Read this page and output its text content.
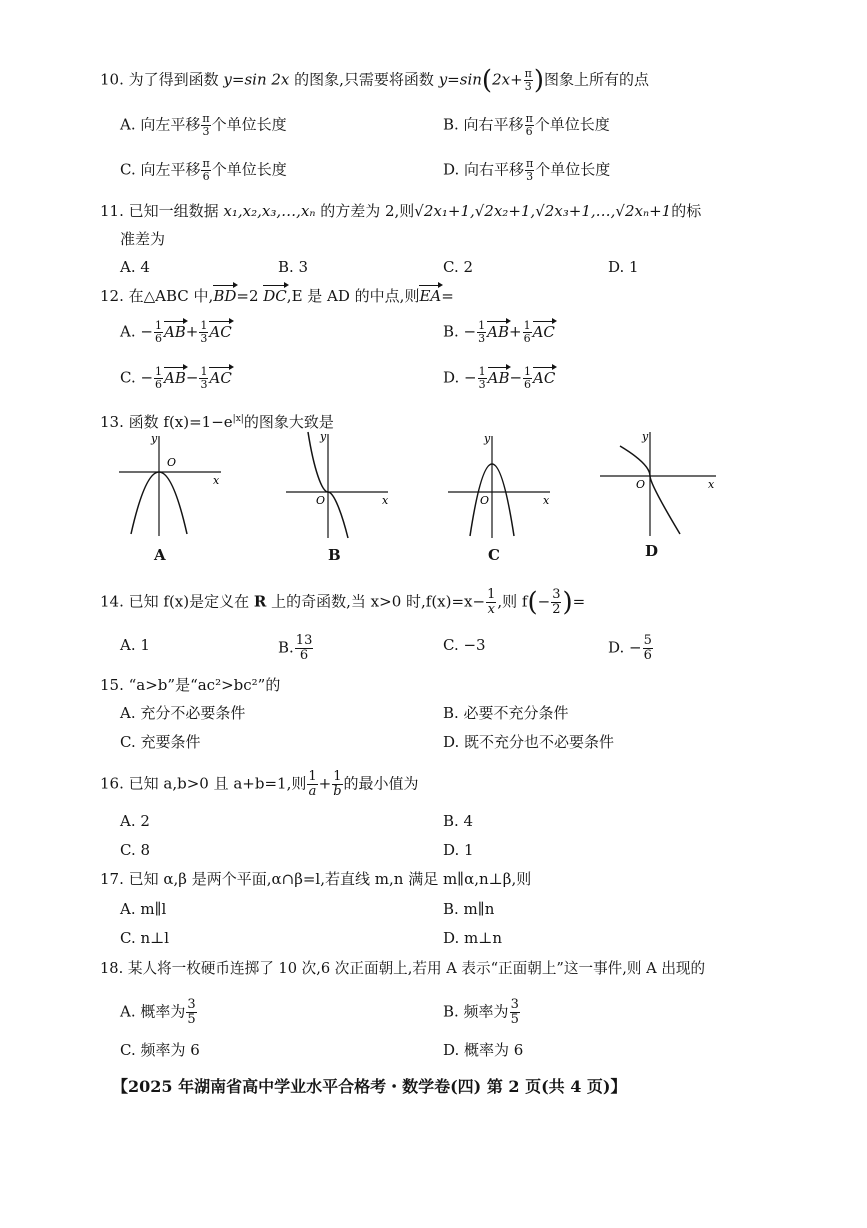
10. 为了得到函数 y=sin 2x 的图象,只需要将函数 $y=\sin(2x+ \frac{\pi}{3}$ )图象上所有的点
A. 向左平移 $\frac{\pi}{3}$ 个单位长度	B. 向右平移 $\frac{\pi}{6}$ 个单位长度
C. 向左平移 $\frac{\pi}{6}$ 个单位长度	D. 向右平移 $\frac{\pi}{3}$ 个单位长度
11. 已知一组数据 x₁,x₂,x₃,…,xₙ 的方差为 2,则√2x₁+1,√2x₂+1,√2x₃+1,…,√2xₙ+1的标
准差为
A. 4	B. 3	C. 2	D. 1
12. 在△ABC 中,BD=2 DC,E 是 AD 的中点,则EA=
A. − $\frac{1}{6} AB+ \frac{1}{3}$ AC	B. − $\frac{1}{3} AB+ \frac{1}{6}$ AC
C. − $\frac{1}{6} AB- \frac{1}{3}$ AC	D. − $\frac{1}{3} AB- \frac{1}{6}$ AC
13. 函数 $f(x)=1-e^{|x|}$的图象大致是
y
O
x
A
y
O	x
B
y
O	x
C
y
O	x
D
14. 已知 f(x)是定义在 R 上的奇函数,当 x>0 时$,f(x)=x- \frac{1}{x}$ ,则 $f(- \frac{3}{2}$ )=
A. 1	B. $\frac{13}{6}$	C. −3	D. − $\frac{5}{6}$
15. “a>b”是“ac²>bc²”的
A. 充分不必要条件	B. 必要不充分条件
C. 充要条件	D. 既不充分也不必要条件
16. 已知 a,b>0 且 a+b=1,则 $\frac{1}{a} + \frac{1}{b}$ 的最小值为
A. 2	B. 4
C. 8	D. 1
17. 已知 α,β 是两个平面,α∩β=l,若直线 m,n 满足 m∥α,n⊥β,则
A. m∥l	B. m∥n
C. n⊥l	D. m⊥n
18. 某人将一枚硬币连掷了 10 次,6 次正面朝上,若用 A 表示“正面朝上”这一事件,则 A 出现的
A. 概率为 $\frac{3}{5}$	B. 频率为 $\frac{3}{5}$
C. 频率为 6	D. 概率为 6
【2025 年湖南省高中学业水平合格考・数学卷(四) 第 2 页(共 4 页)】
